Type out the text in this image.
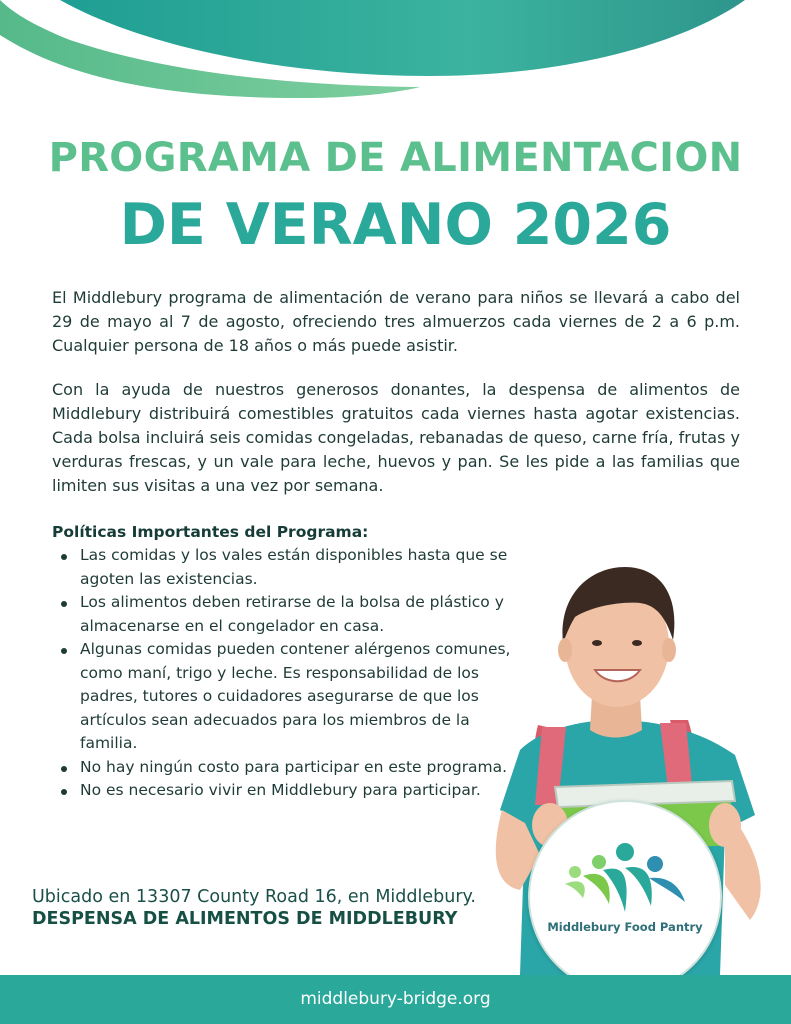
PROGRAMA DE ALIMENTACION
DE VERANO 2026

El Middlebury programa de alimentación de verano para niños se llevará a cabo del 29 de mayo al 7 de agosto, ofreciendo tres almuerzos cada viernes de 2 a 6 p.m. Cualquier persona de 18 años o más puede asistir.

Con la ayuda de nuestros generosos donantes, la despensa de alimentos de Middlebury distribuirá comestibles gratuitos cada viernes hasta agotar existencias. Cada bolsa incluirá seis comidas congeladas, rebanadas de queso, carne fría, frutas y verduras frescas, y un vale para leche, huevos y pan. Se les pide a las familias que limiten sus visitas a una vez por semana.

Políticas Importantes del Programa:

Las comidas y los vales están disponibles hasta que se agoten las existencias.
Los alimentos deben retirarse de la bolsa de plástico y almacenarse en el congelador en casa.
Algunas comidas pueden contener alérgenos comunes, como maní, trigo y leche. Es responsabilidad de los padres, tutores o cuidadores asegurarse de que los artículos sean adecuados para los miembros de la familia.
No hay ningún costo para participar en este programa.
No es necesario vivir en Middlebury para participar.

Ubicado en 13307 County Road 16, en Middlebury.

DESPENSA DE ALIMENTOS DE MIDDLEBURY	Middlebury Food Pantry
middlebury-bridge.org
